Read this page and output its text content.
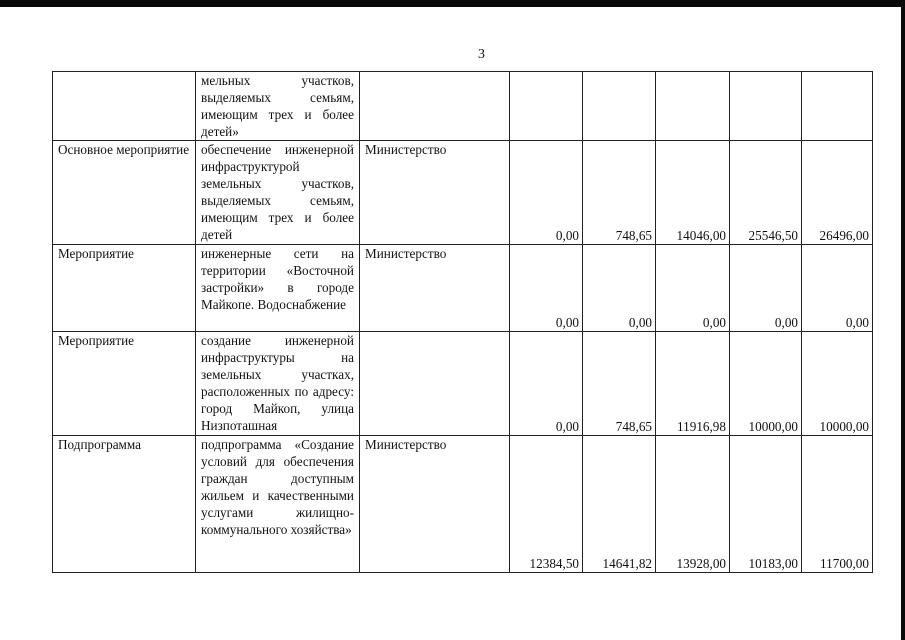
3
	мельных участков, выделяемых семьям, имеющим трех и более детей»						
Основное мероприятие	обеспечение инженерной инфраструктурой земельных участков, выделяемых семьям, имеющим трех и более детей	Министерство	0,00	748,65	14046,00	25546,50	26496,00
Мероприятие	инженерные сети на территории «Восточной застройки» в городе Майкопе. Водоснабжение	Министерство	0,00	0,00	0,00	0,00	0,00
Мероприятие	создание инженерной инфраструктуры на земельных участках, расположенных по адресу: город Майкоп, улица Низпоташная		0,00	748,65	11916,98	10000,00	10000,00
Подпрограмма	подпрограмма «Создание условий для обеспечения граждан доступным жильем и качественными услугами жилищно-коммунального хозяйства»	Министерство	12384,50	14641,82	13928,00	10183,00	11700,00
